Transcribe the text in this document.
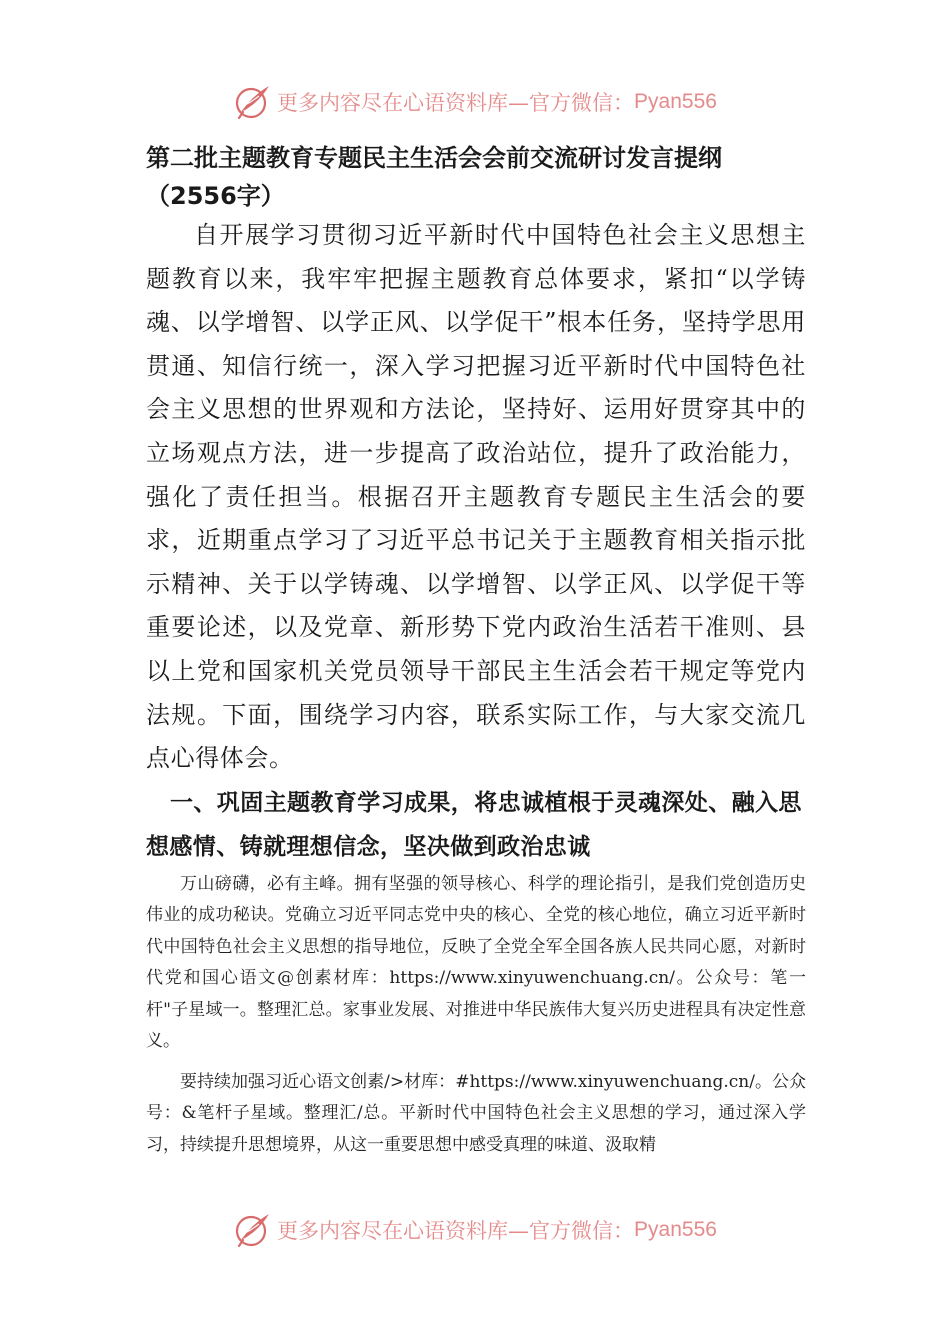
更多内容尽在心语资料库—官方微信： Pyan556

第二批主题教育专题民主生活会会前交流研讨发言提纲

（2556字）

自开展学习贯彻习近平新时代中国特色社会主义思想主题教育以来，我牢牢把握主题教育总体要求，紧扣“以学铸魂、以学增智、以学正风、以学促干”根本任务，坚持学思用贯通、知信行统一，深入学习把握习近平新时代中国特色社会主义思想的世界观和方法论，坚持好、运用好贯穿其中的立场观点方法，进一步提高了政治站位，提升了政治能力，强化了责任担当。根据召开主题教育专题民主生活会的要求，近期重点学习了习近平总书记关于主题教育相关指示批示精神、关于以学铸魂、以学增智、以学正风、以学促干等重要论述，以及党章、新形势下党内政治生活若干准则、县以上党和国家机关党员领导干部民主生活会若干规定等党内法规。下面，围绕学习内容，联系实际工作，与大家交流几点心得体会。

一、巩固主题教育学习成果，将忠诚植根于灵魂深处、融入思想感情、铸就理想信念，坚决做到政治忠诚

万山磅礴，必有主峰。拥有坚强的领导核心、科学的理论指引，是我们党创造历史伟业的成功秘诀。党确立习近平同志党中央的核心、全党的核心地位，确立习近平新时代中国特色社会主义思想的指导地位，反映了全党全军全国各族人民共同心愿，对新时代党和国心语文@创素材库：https://www.xinyuwenchuang.cn/。公众号：笔一杆"子星域一。整理汇总。家事业发展、对推进中华民族伟大复兴历史进程具有决定性意义。

要持续加强习近心语文创素/>材库：#https://www.xinyuwenchuang.cn/。公众号：&笔杆子星域。整理汇/总。平新时代中国特色社会主义思想的学习，通过深入学习，持续提升思想境界，从这一重要思想中感受真理的味道、汲取精

更多内容尽在心语资料库—官方微信： Pyan556
